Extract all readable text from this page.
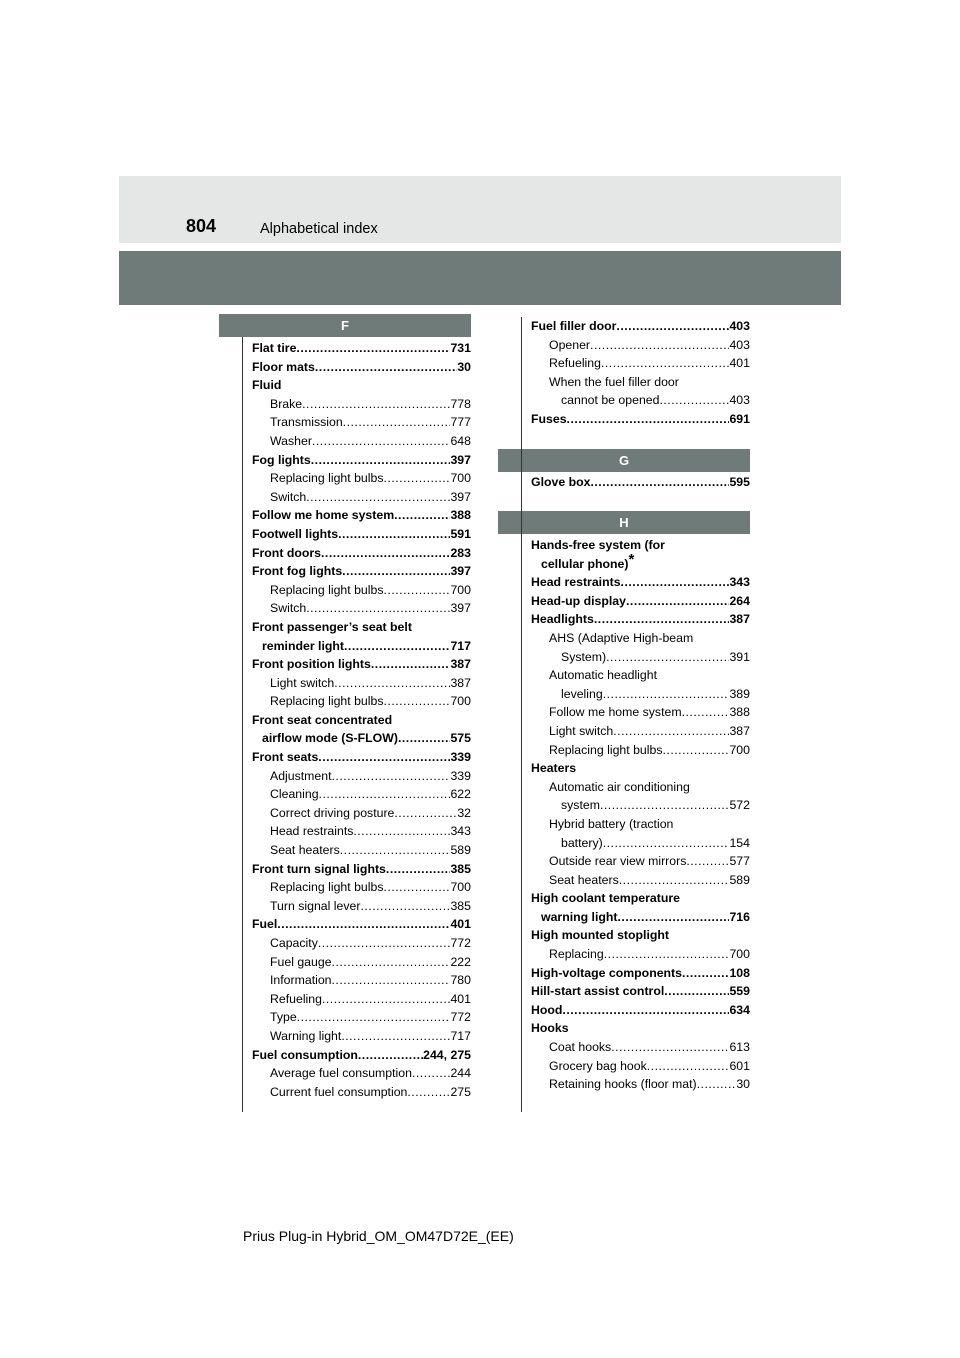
804	Alphabetical index
F
G
H
Flat tire .....	731
Floor mats .....	30
Fluid
Brake .....	778
Transmission .....	777
Washer .....	648
Fog lights .....	397
Replacing light bulbs .....	700
Switch .....	397
Follow me home system .....	388
Footwell lights .....	591
Front doors .....	283
Front fog lights .....	397
Replacing light bulbs .....	700
Switch .....	397
Front passenger’s seat belt
reminder light .....	717
Front position lights .....	387
Light switch .....	387
Replacing light bulbs .....	700
Front seat concentrated
airflow mode (S-FLOW) .....	575
Front seats .....	339
Adjustment .....	339
Cleaning .....	622
Correct driving posture .....	32
Head restraints .....	343
Seat heaters .....	589
Front turn signal lights .....	385
Replacing light bulbs .....	700
Turn signal lever .....	385
Fuel .....	401
Capacity .....	772
Fuel gauge .....	222
Information .....	780
Refueling .....	401
Type .....	772
Warning light .....	717
Fuel consumption .....	244, 275
Average fuel consumption .....	244
Current fuel consumption .....	275
Fuel filler door .....	403
Opener .....	403
Refueling .....	401
When the fuel filler door
cannot be opened .....	403
Fuses .....	691
Glove box .....	595
Hands-free system (for
cellular phone)*
Head restraints .....	343
Head-up display .....	264
Headlights .....	387
AHS (Adaptive High-beam
System) .....	391
Automatic headlight
leveling .....	389
Follow me home system .....	388
Light switch .....	387
Replacing light bulbs .....	700
Heaters
Automatic air conditioning
system .....	572
Hybrid battery (traction
battery) .....	154
Outside rear view mirrors .....	577
Seat heaters .....	589
High coolant temperature
warning light .....	716
High mounted stoplight
Replacing .....	700
High-voltage components .....	108
Hill-start assist control .....	559
Hood .....	634
Hooks
Coat hooks .....	613
Grocery bag hook .....	601
Retaining hooks (floor mat) .....	30
Prius Plug-in Hybrid_OM_OM47D72E_(EE)
